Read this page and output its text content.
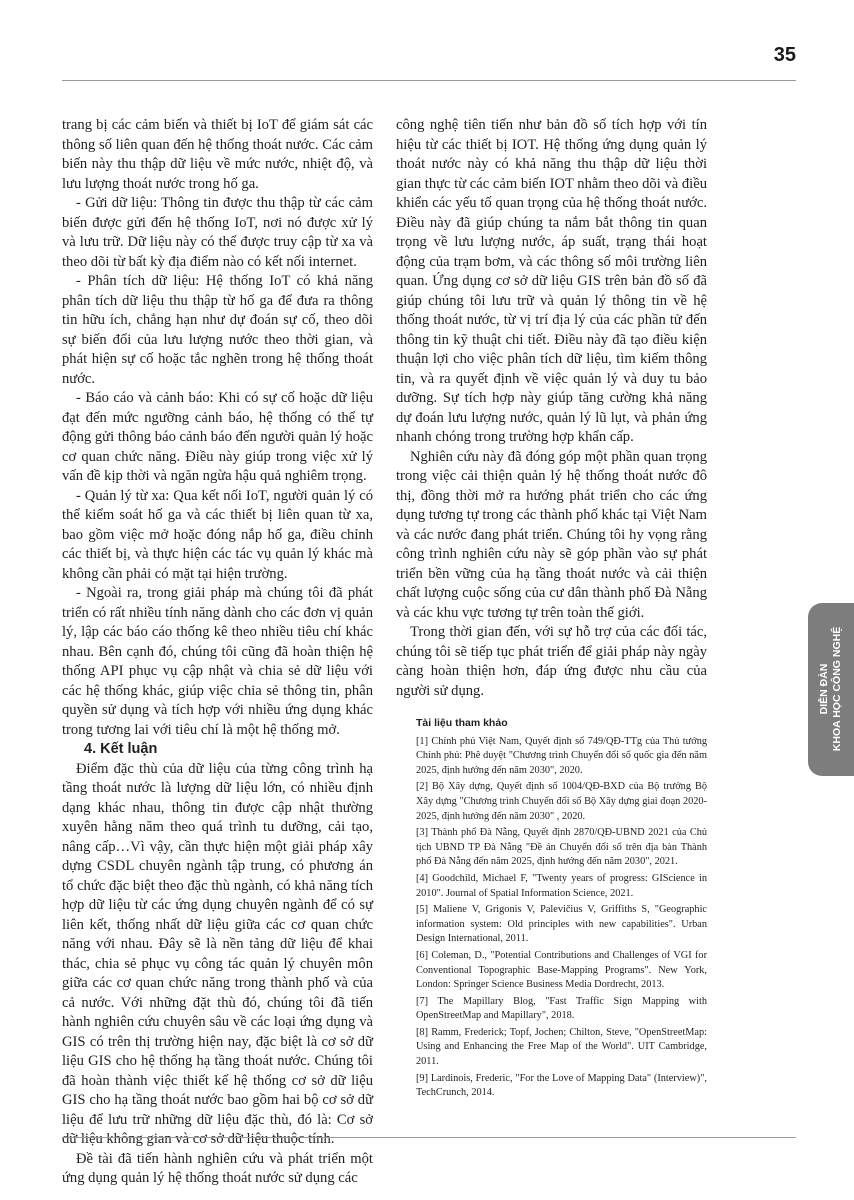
35

trang bị các cảm biến và thiết bị IoT để giám sát các thông số liên quan đến hệ thống thoát nước. Các cảm biến này thu thập dữ liệu về mức nước, nhiệt độ, và lưu lượng thoát nước trong hố ga.

- Gửi dữ liệu: Thông tin được thu thập từ các cảm biến được gửi đến hệ thống IoT, nơi nó được xử lý và lưu trữ. Dữ liệu này có thể được truy cập từ xa và theo dõi từ bất kỳ địa điểm nào có kết nối internet.

- Phân tích dữ liệu: Hệ thống IoT có khả năng phân tích dữ liệu thu thập từ hố ga để đưa ra thông tin hữu ích, chẳng hạn như dự đoán sự cố, theo dõi sự biến đổi của lưu lượng nước theo thời gian, và phát hiện sự cố hoặc tắc nghẽn trong hệ thống thoát nước.

- Báo cáo và cảnh báo: Khi có sự cố hoặc dữ liệu đạt đến mức ngưỡng cảnh báo, hệ thống có thể tự động gửi thông báo cảnh báo đến người quản lý hoặc cơ quan chức năng. Điều này giúp trong việc xử lý vấn đề kịp thời và ngăn ngừa hậu quả nghiêm trọng.

- Quản lý từ xa: Qua kết nối IoT, người quản lý có thể kiểm soát hố ga và các thiết bị liên quan từ xa, bao gồm việc mở hoặc đóng nắp hố ga, điều chỉnh các thiết bị, và thực hiện các tác vụ quản lý khác mà không cần phải có mặt tại hiện trường.

- Ngoài ra, trong giải pháp mà chúng tôi đã phát triển có rất nhiều tính năng dành cho các đơn vị quản lý, lập các báo cáo thống kê theo nhiều tiêu chí khác nhau. Bên cạnh đó, chúng tôi cũng đã hoàn thiện hệ thống API phục vụ cập nhật và chia sẻ dữ liệu với các hệ thống khác, giúp việc chia sẻ thông tin, phân quyền sử dụng và tích hợp với nhiều ứng dụng khác trong tương lai với tiêu chí là một hệ thống mở.

4. Kết luận

Điểm đặc thù của dữ liệu của từng công trình hạ tầng thoát nước là lượng dữ liệu lớn, có nhiều định dạng khác nhau, thông tin được cập nhật thường xuyên hằng năm theo quá trình tu dưỡng, cải tạo, nâng cấp…Vì vậy, cần thực hiện một giải pháp xây dựng CSDL chuyên ngành tập trung, có phương án tổ chức đặc biệt theo đặc thù ngành, có khả năng tích hợp dữ liệu từ các ứng dụng chuyên ngành để có sự liên kết, thống nhất dữ liệu giữa các cơ quan chức năng với nhau. Đây sẽ là nền tảng dữ liệu để khai thác, chia sẻ phục vụ công tác quản lý chuyên môn giữa các cơ quan chức năng trong thành phố và của cả nước. Với những đặt thù đó, chúng tôi đã tiến hành nghiên cứu chuyên sâu về các loại ứng dụng và GIS có trên thị trường hiện nay, đặc biệt là cơ sở dữ liệu GIS cho hệ thống hạ tầng thoát nước. Chúng tôi đã hoàn thành việc thiết kế hệ thống cơ sở dữ liệu GIS cho hạ tầng thoát nước bao gồm hai bộ cơ sở dữ liệu để lưu trữ những dữ liệu đặc thù, đó là: Cơ sở dữ liệu không gian và cơ sở dữ liệu thuộc tính.

Đề tài đã tiến hành nghiên cứu và phát triển một ứng dụng quản lý hệ thống thoát nước sử dụng các

công nghệ tiên tiến như bản đồ số tích hợp với tín hiệu từ các thiết bị IOT. Hệ thống ứng dụng quản lý thoát nước này có khả năng thu thập dữ liệu thời gian thực từ các cảm biến IOT nhằm theo dõi và điều khiển các yếu tố quan trọng của hệ thống thoát nước. Điều này đã giúp chúng ta nắm bắt thông tin quan trọng về lưu lượng nước, áp suất, trạng thái hoạt động của trạm bơm, và các thông số môi trường liên quan. Ứng dụng cơ sở dữ liệu GIS trên bản đồ số đã giúp chúng tôi lưu trữ và quản lý thông tin về hệ thống thoát nước, từ vị trí địa lý của các phần tử đến thông tin kỹ thuật chi tiết. Điều này đã tạo điều kiện thuận lợi cho việc phân tích dữ liệu, tìm kiếm thông tin, và ra quyết định về việc quản lý và duy tu bảo dưỡng. Sự tích hợp này giúp tăng cường khả năng dự đoán lưu lượng nước, quản lý lũ lụt, và phản ứng nhanh chóng trong trường hợp khẩn cấp.

Nghiên cứu này đã đóng góp một phần quan trọng trong việc cải thiện quản lý hệ thống thoát nước đô thị, đồng thời mở ra hướng phát triển cho các ứng dụng tương tự trong các thành phố khác tại Việt Nam và các nước đang phát triển. Chúng tôi hy vọng rằng công trình nghiên cứu này sẽ góp phần vào sự phát triển bền vững của hạ tầng thoát nước và cải thiện chất lượng cuộc sống của cư dân thành phố Đà Nẵng và các khu vực tương tự trên toàn thế giới.

Trong thời gian đến, với sự hỗ trợ của các đối tác, chúng tôi sẽ tiếp tục phát triển để giải pháp này ngày càng hoàn thiện hơn, đáp ứng được nhu cầu của người sử dụng.

Tài liệu tham khảo
[1] Chính phủ Việt Nam, Quyết định số 749/QĐ-TTg của Thủ tướng Chính phủ: Phê duyệt "Chương trình Chuyển đổi số quốc gia đến năm 2025, định hướng đến năm 2030", 2020.
[2] Bộ Xây dựng, Quyết định số 1004/QĐ-BXD của Bộ trưởng Bộ Xây dựng "Chương trình Chuyển đổi số Bộ Xây dựng giai đoạn 2020-2025, định hướng đến năm 2030" , 2020.
[3] Thành phố Đà Nẵng, Quyết định 2870/QĐ-UBND 2021 của Chủ tịch UBND TP Đà Nẵng "Đề án Chuyển đổi số trên địa bàn Thành phố Đà Nẵng đến năm 2025, định hướng đến năm 2030", 2021.
[4] Goodchild, Michael F, "Twenty years of progress: GIScience in 2010". Journal of Spatial Information Science, 2021.
[5] Maliene V, Grigonis V, Palevičius V, Griffiths S, "Geographic information system: Old principles with new capabilities". Urban Design International, 2011.
[6] Coleman, D., "Potential Contributions and Challenges of VGI for Conventional Topographic Base-Mapping Programs". New York, London: Springer Science Business Media Dordrecht, 2013.
[7] The Mapillary Blog, "Fast Traffic Sign Mapping with OpenStreetMap and Mapillary", 2018.
[8] Ramm, Frederick; Topf, Jochen; Chilton, Steve, "OpenStreetMap: Using and Enhancing the Free Map of the World". UIT Cambridge, 2011.
[9] Lardinois, Frederic, "For the Love of Mapping Data" (Interview)", TechCrunch, 2014.
DIỄN ĐÀN KHOA HỌC CÔNG NGHỆ
